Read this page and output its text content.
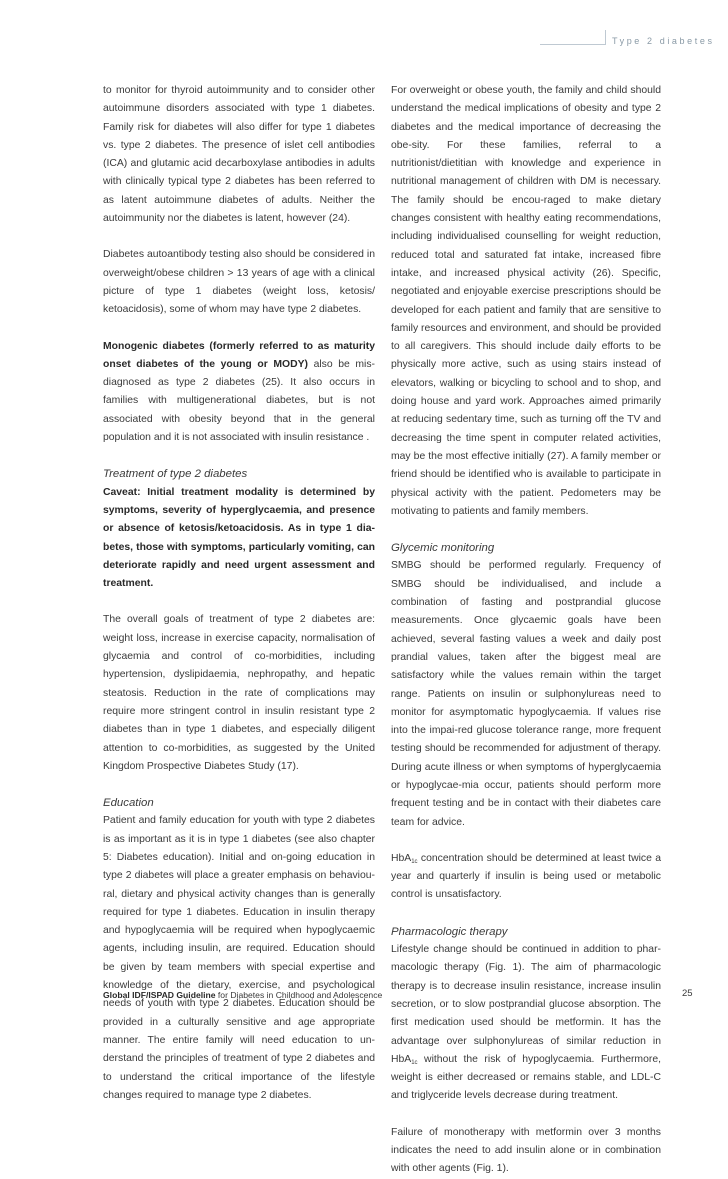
Type 2 diabetes

to monitor for thyroid autoimmunity and to consider other autoimmune disorders associated with type 1 diabetes. Family risk for diabetes will also differ for type 1 diabetes vs. type 2 diabetes. The presence of islet cell antibodies (ICA) and glutamic acid decarboxylase antibodies in adults with clinically typical type 2 diabetes has been referred to as latent autoimmune diabetes of adults. Neither the autoimmunity nor the diabetes is latent, however (24).

Diabetes autoantibody testing also should be considered in overweight/obese children > 13 years of age with a clinical picture of type 1 diabetes (weight loss, ketosis/ ketoacidosis), some of whom may have type 2 diabetes.

Monogenic diabetes (formerly referred to as maturity onset diabetes of the young or MODY) also be mis-diagnosed as type 2 diabetes (25). It also occurs in families with multigenerational diabetes, but is not associated with obesity beyond that in the general population and it is not associated with insulin resistance .

Treatment of type 2 diabetes

Caveat: Initial treatment modality is determined by symptoms, severity of hyperglycaemia, and presence or absence of ketosis/ketoacidosis. As in type 1 dia-betes, those with symptoms, particularly vomiting, can deteriorate rapidly and need urgent assessment and treatment.

The overall goals of treatment of type 2 diabetes are: weight loss, increase in exercise capacity, normalisation of glycaemia and control of co-morbidities, including hypertension, dyslipidaemia, nephropathy, and hepatic steatosis. Reduction in the rate of complications may require more stringent control in insulin resistant type 2 diabetes than in type 1 diabetes, and especially diligent attention to co-morbidities, as suggested by the United Kingdom Prospective Diabetes Study (17).

Education

Patient and family education for youth with type 2 diabetes is as important as it is in type 1 diabetes (see also chapter 5: Diabetes education). Initial and on-going education in type 2 diabetes will place a greater emphasis on behaviou-ral, dietary and physical activity changes than is generally required for type 1 diabetes. Education in insulin therapy and hypoglycaemia will be required when hypoglycaemic agents, including insulin, are required. Education should be given by team members with special expertise and knowledge of the dietary, exercise, and psychological needs of youth with type 2 diabetes. Education should be provided in a culturally sensitive and age appropriate manner. The entire family will need education to un-derstand the principles of treatment of type 2 diabetes and to understand the critical importance of the lifestyle changes required to manage type 2 diabetes.

For overweight or obese youth, the family and child should understand the medical implications of obesity and type 2 diabetes and the medical importance of decreasing the obe-sity. For these families, referral to a nutritionist/dietitian with knowledge and experience in nutritional management of children with DM is necessary. The family should be encou-raged to make dietary changes consistent with healthy eating recommendations, including individualised counselling for weight reduction, reduced total and saturated fat intake, increased fibre intake, and increased physical activity (26). Specific, negotiated and enjoyable exercise prescriptions should be developed for each patient and family that are sensitive to family resources and environment, and should be provided to all caregivers. This should include daily efforts to be physically more active, such as using stairs instead of elevators, walking or bicycling to school and to shop, and doing house and yard work. Approaches aimed primarily at reducing sedentary time, such as turning off the TV and decreasing the time spent in computer related activities, may be the most effective initially (27). A family member or friend should be identified who is available to participate in physical activity with the patient. Pedometers may be motivating to patients and family members.

Glycemic monitoring

SMBG should be performed regularly. Frequency of SMBG should be individualised, and include a combination of fasting and postprandial glucose measurements. Once glycaemic goals have been achieved, several fasting values a week and daily post prandial values, taken after the biggest meal are satisfactory while the values remain within the target range. Patients on insulin or sulphonylureas need to monitor for asymptomatic hypoglycaemia. If values rise into the impai-red glucose tolerance range, more frequent testing should be recommended for adjustment of therapy. During acute illness or when symptoms of hyperglycaemia or hypoglycae-mia occur, patients should perform more frequent testing and be in contact with their diabetes care team for advice.

HbA$_{1c}$ concentration should be determined at least twice a year and quarterly if insulin is being used or metabolic control is unsatisfactory.

Pharmacologic therapy

Lifestyle change should be continued in addition to phar-macologic therapy (Fig. 1). The aim of pharmacologic therapy is to decrease insulin resistance, increase insulin secretion, or to slow postprandial glucose absorption. The first medication used should be metformin. It has the advantage over sulphonylureas of similar reduction in HbA$_{1c}$ without the risk of hypoglycaemia. Furthermore, weight is either decreased or remains stable, and LDL-C and triglyceride levels decrease during treatment.

Failure of monotherapy with metformin over 3 months indicates the need to add insulin alone or in combination with other agents (Fig. 1).

Global IDF/ISPAD Guideline for Diabetes in Childhood and Adolescence	25
